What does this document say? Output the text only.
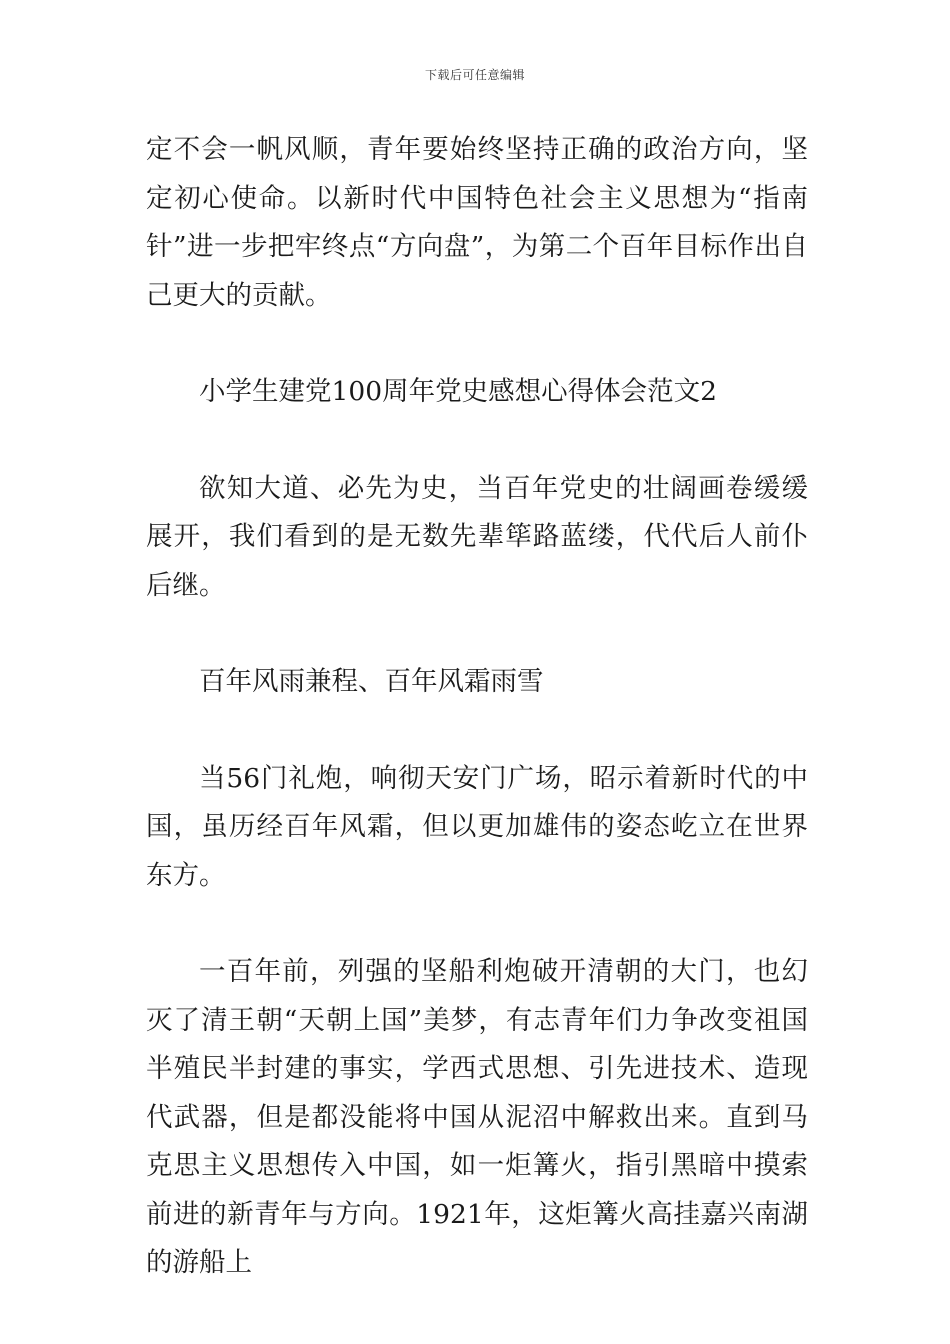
下载后可任意编辑

定不会一帆风顺，青年要始终坚持正确的政治方向，坚定初心使命。以新时代中国特色社会主义思想为“指南针”进一步把牢终点“方向盘”，为第二个百年目标作出自己更大的贡献。

小学生建党100周年党史感想心得体会范文2

欲知大道、必先为史，当百年党史的壮阔画卷缓缓展开，我们看到的是无数先辈筚路蓝缕，代代后人前仆后继。

百年风雨兼程、百年风霜雨雪

当56门礼炮，响彻天安门广场，昭示着新时代的中国，虽历经百年风霜，但以更加雄伟的姿态屹立在世界东方。

一百年前，列强的坚船利炮破开清朝的大门，也幻灭了清王朝“天朝上国”美梦，有志青年们力争改变祖国半殖民半封建的事实，学西式思想、引先进技术、造现代武器，但是都没能将中国从泥沼中解救出来。直到马克思主义思想传入中国，如一炬篝火，指引黑暗中摸索前进的新青年与方向。1921年，这炬篝火高挂嘉兴南湖的游船上
